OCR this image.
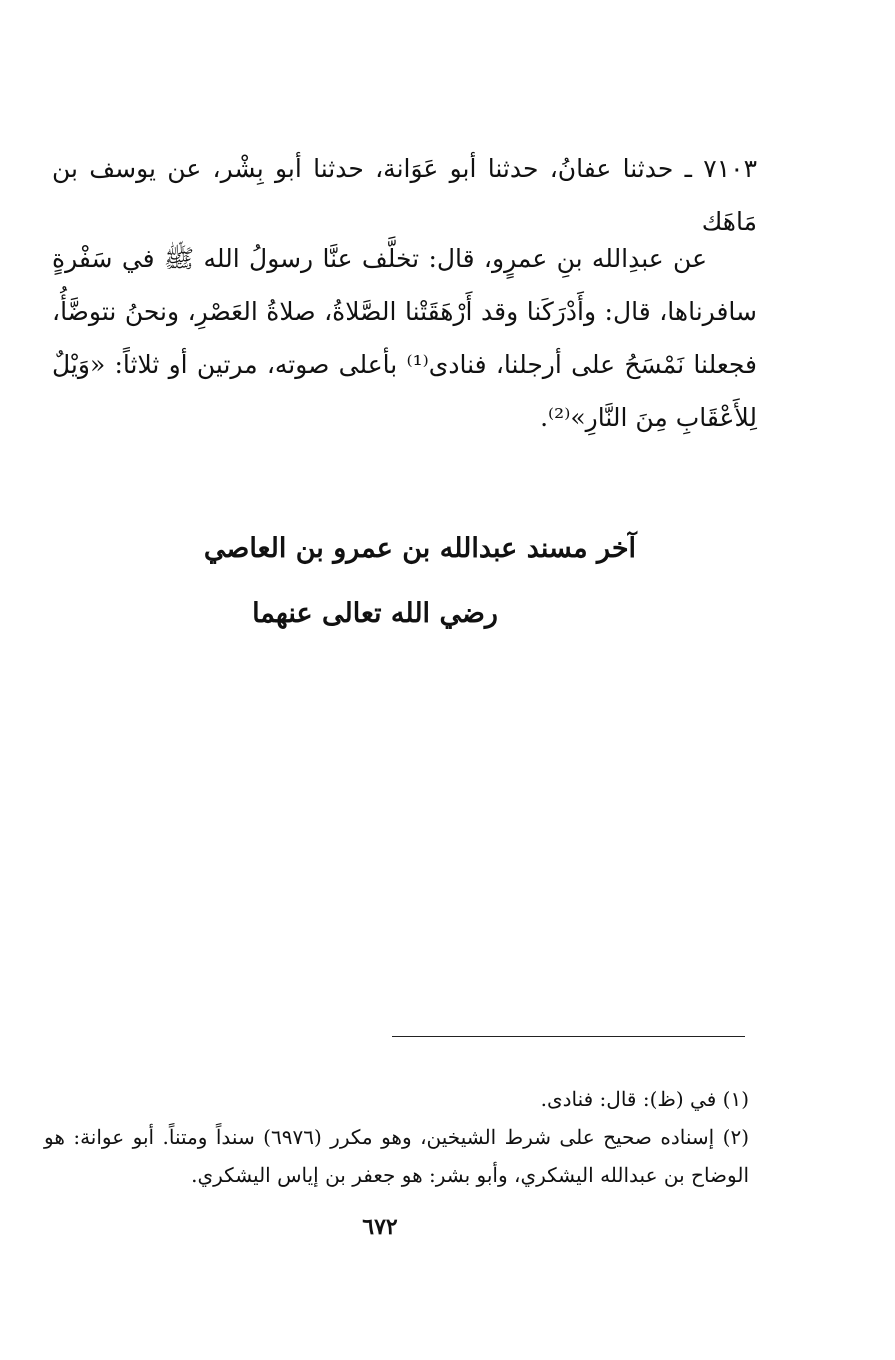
٧١٠٣ ـ حدثنا عفانُ، حدثنا أبو عَوَانة، حدثنا أبو بِشْر، عن يوسف بن مَاهَك

عن عبدِالله بنِ عمرٍو، قال: تخلَّف عنَّا رسولُ الله ﷺ في سَفْرةٍ سافرناها، قال: وأَدْرَكَنا وقد أَرْهَقَتْنا الصَّلاةُ، صلاةُ العَصْرِ، ونحنُ نتوضَّأُ، فجعلنا نَمْسَحُ على أرجلنا، فنادى⁽¹⁾ بأعلى صوته، مرتين أو ثلاثاً: «وَيْلٌ لِلأَعْقَابِ مِنَ النَّارِ»⁽²⁾.

آخر مسند عبدالله بن عمرو بن العاصي
رضي الله تعالى عنهما

(١) في (ظ): قال: فنادى.

(٢) إسناده صحيح على شرط الشيخين، وهو مكرر (٦٩٧٦) سنداً ومتناً. أبو عوانة: هو الوضاح بن عبدالله اليشكري، وأبو بشر: هو جعفر بن إياس اليشكري.

٦٧٢
